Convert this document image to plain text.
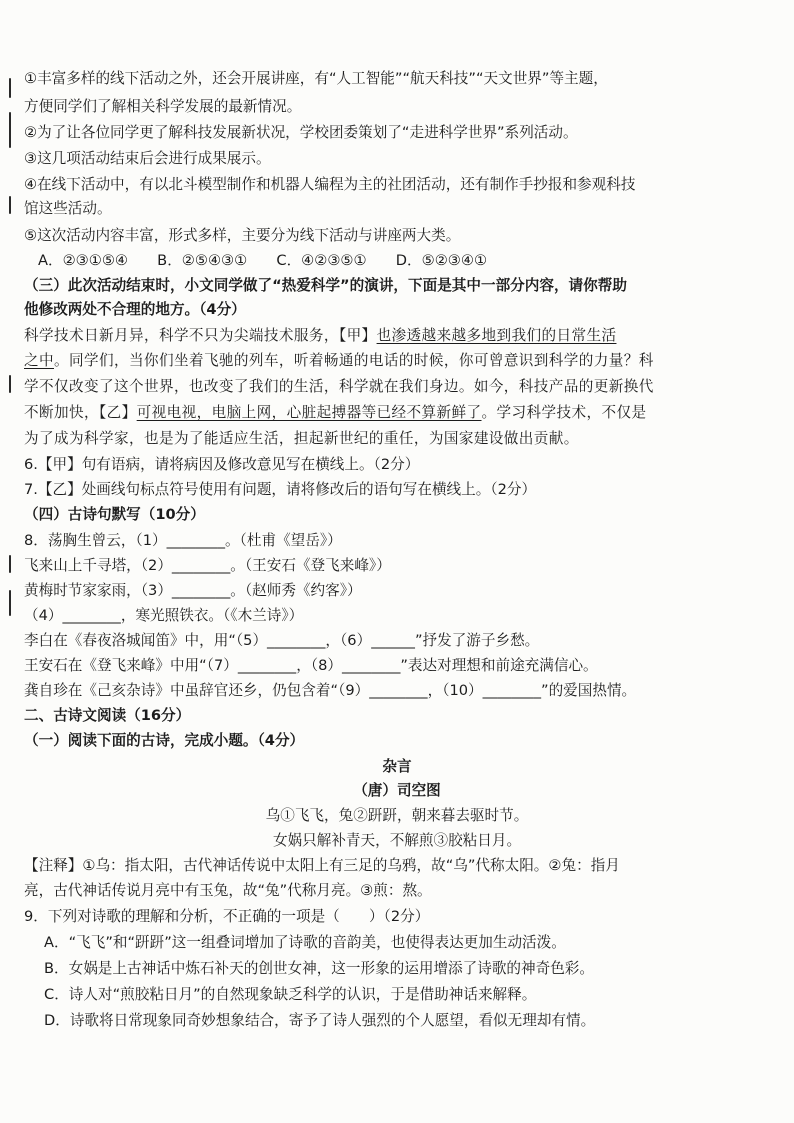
①丰富多样的线下活动之外，还会开展讲座，有“人工智能”“航天科技”“天文世界”等主题，
方便同学们了解相关科学发展的最新情况。
②为了让各位同学更了解科技发展新状况，学校团委策划了“走进科学世界”系列活动。
③这几项活动结束后会进行成果展示。
④在线下活动中，有以北斗模型制作和机器人编程为主的社团活动，还有制作手抄报和参观科技
馆这些活动。
⑤这次活动内容丰富，形式多样，主要分为线下活动与讲座两大类。
A．②③①⑤④　　B．②⑤④③①　　C．④②③⑤①　　D．⑤②③④①
（三）此次活动结束时，小文同学做了“热爱科学”的演讲，下面是其中一部分内容，请你帮助
他修改两处不合理的地方。（4分）
科学技术日新月异，科学不只为尖端技术服务，【甲】也渗透越来越多地到我们的日常生活
之中。同学们，当你们坐着飞驰的列车，听着畅通的电话的时候，你可曾意识到科学的力量？科
学不仅改变了这个世界，也改变了我们的生活，科学就在我们身边。如今，科技产品的更新换代
不断加快，【乙】可视电视，电脑上网，心脏起搏器等已经不算新鲜了。学习科学技术，不仅是
为了成为科学家，也是为了能适应生活，担起新世纪的重任，为国家建设做出贡献。
6.【甲】句有语病，请将病因及修改意见写在横线上。（2分）
7.【乙】处画线句标点符号使用有问题，请将修改后的语句写在横线上。（2分）
（四）古诗句默写（10分）
8．荡胸生曾云，（1）________。（杜甫《望岳》）
飞来山上千寻塔，（2）________。（王安石《登飞来峰》）
黄梅时节家家雨，（3）________。（赵师秀《约客》）
（4）________，寒光照铁衣。（《木兰诗》）
李白在《春夜洛城闻笛》中，用“（5）________，（6）______”抒发了游子乡愁。
王安石在《登飞来峰》中用“（7）________，（8）________”表达对理想和前途充满信心。
龚自珍在《己亥杂诗》中虽辞官还乡，仍包含着“（9）________，（10）________”的爱国热情。
二、古诗文阅读（16分）
（一）阅读下面的古诗，完成小题。（4分）
杂言
（唐）司空图
乌①飞飞，兔②趼趼，朝来暮去驱时节。
女娲只解补青天，不解煎③胶粘日月。
【注释】①乌：指太阳，古代神话传说中太阳上有三足的乌鸦，故“乌”代称太阳。②兔：指月
亮，古代神话传说月亮中有玉兔，故“兔”代称月亮。③煎：熬。
9．下列对诗歌的理解和分析，不正确的一项是（　　）（2分）
A．“飞飞”和“趼趼”这一组叠词增加了诗歌的音韵美，也使得表达更加生动活泼。
B．女娲是上古神话中炼石补天的创世女神，这一形象的运用增添了诗歌的神奇色彩。
C．诗人对“煎胶粘日月”的自然现象缺乏科学的认识，于是借助神话来解释。
D．诗歌将日常现象同奇妙想象结合，寄予了诗人强烈的个人愿望，看似无理却有情。
